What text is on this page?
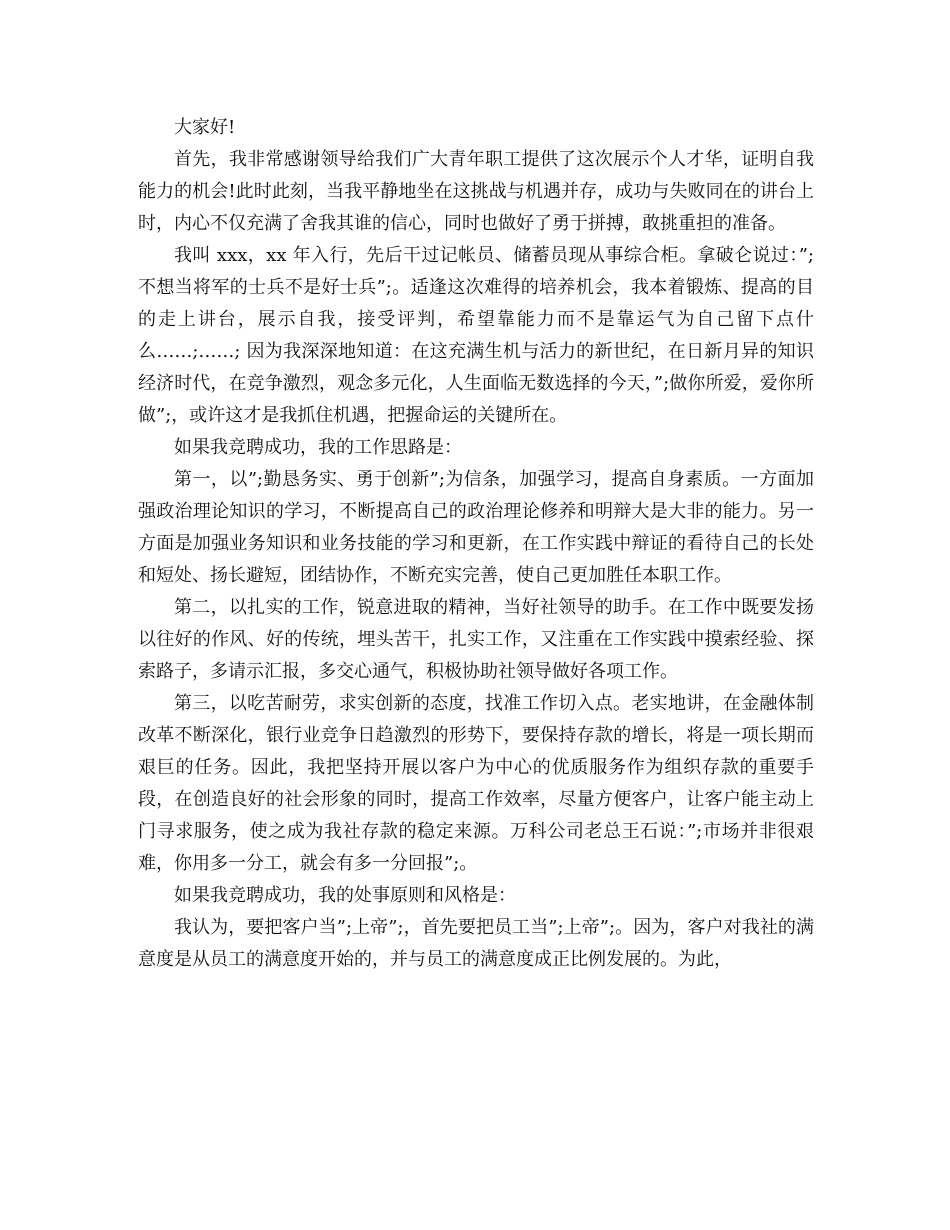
大家好!

首先，我非常感谢领导给我们广大青年职工提供了这次展示个人才华，证明自我能力的机会!此时此刻，当我平静地坐在这挑战与机遇并存，成功与失败同在的讲台上时，内心不仅充满了舍我其谁的信心，同时也做好了勇于拼搏，敢挑重担的准备。

我叫 xxx，xx 年入行，先后干过记帐员、储蓄员现从事综合柜。拿破仑说过：”;不想当将军的士兵不是好士兵”;。适逢这次难得的培养机会，我本着锻炼、提高的目的走上讲台，展示自我，接受评判，希望靠能力而不是靠运气为自己留下点什么……;……; 因为我深深地知道：在这充满生机与活力的新世纪，在日新月异的知识经济时代，在竞争激烈，观念多元化，人生面临无数选择的今天，”;做你所爱，爱你所做”;，或许这才是我抓住机遇，把握命运的关键所在。

如果我竞聘成功，我的工作思路是：

第一，以”;勤恳务实、勇于创新”;为信条，加强学习，提高自身素质。一方面加强政治理论知识的学习，不断提高自己的政治理论修养和明辩大是大非的能力。另一方面是加强业务知识和业务技能的学习和更新，在工作实践中辩证的看待自己的长处和短处、扬长避短，团结协作，不断充实完善，使自己更加胜任本职工作。

第二，以扎实的工作，锐意进取的精神，当好社领导的助手。在工作中既要发扬以往好的作风、好的传统，埋头苦干，扎实工作，又注重在工作实践中摸索经验、探索路子，多请示汇报，多交心通气，积极协助社领导做好各项工作。

第三，以吃苦耐劳，求实创新的态度，找准工作切入点。老实地讲，在金融体制改革不断深化，银行业竞争日趋激烈的形势下，要保持存款的增长，将是一项长期而艰巨的任务。因此，我把坚持开展以客户为中心的优质服务作为组织存款的重要手段，在创造良好的社会形象的同时，提高工作效率，尽量方便客户，让客户能主动上门寻求服务，使之成为我社存款的稳定来源。万科公司老总王石说：”;市场并非很艰难，你用多一分工，就会有多一分回报”;。

如果我竞聘成功，我的处事原则和风格是：

我认为，要把客户当”;上帝”;，首先要把员工当”;上帝”;。因为，客户对我社的满意度是从员工的满意度开始的，并与员工的满意度成正比例发展的。为此，
